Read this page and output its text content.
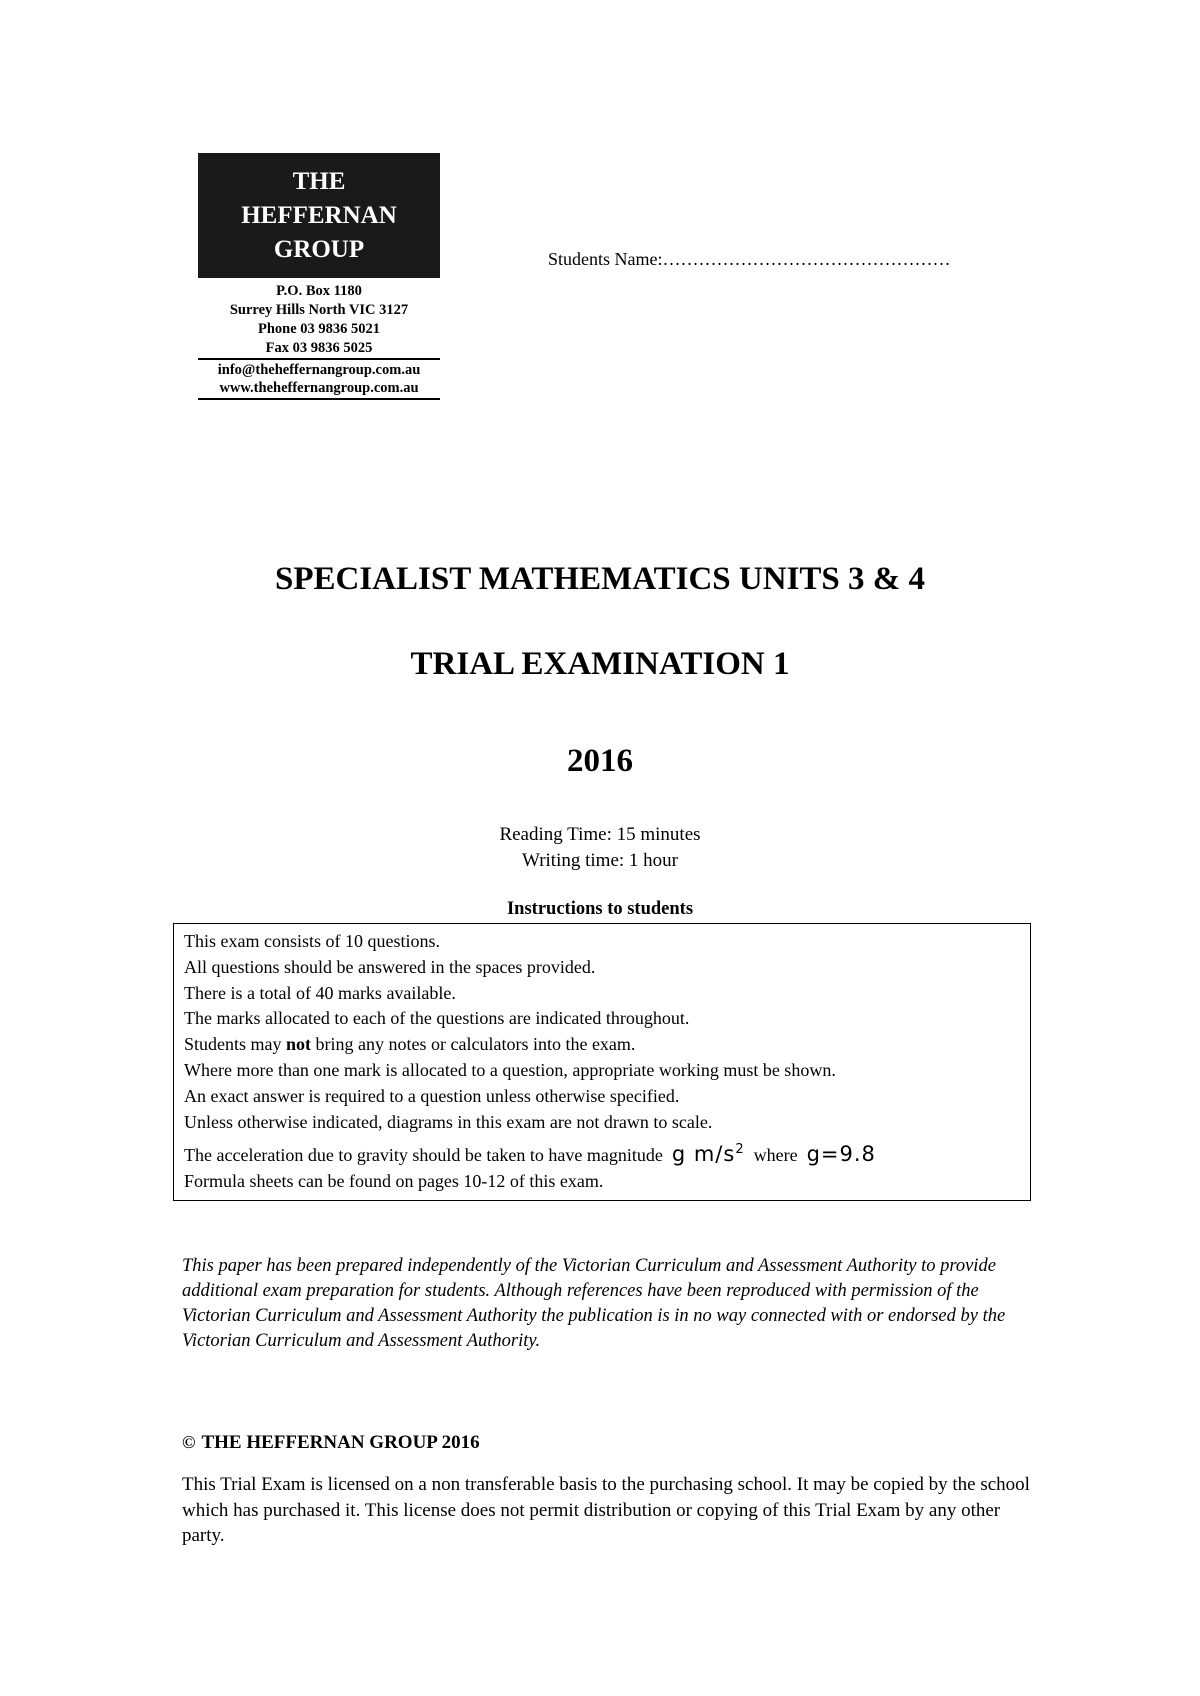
THE
HEFFERNAN
GROUP
P.O. Box 1180
Surrey Hills North VIC 3127
Phone 03 9836 5021
Fax 03 9836 5025
info@theheffernangroup.com.au
www.theheffernangroup.com.au
Students Name:…………………………………………
SPECIALIST MATHEMATICS UNITS 3 & 4
TRIAL EXAMINATION 1
2016
Reading Time: 15 minutes
Writing time: 1 hour
Instructions to students
This exam consists of 10 questions.
All questions should be answered in the spaces provided.
There is a total of 40 marks available.
The marks allocated to each of the questions are indicated throughout.
Students may not bring any notes or calculators into the exam.
Where more than one mark is allocated to a question, appropriate working must be shown.
An exact answer is required to a question unless otherwise specified.
Unless otherwise indicated, diagrams in this exam are not drawn to scale.
The acceleration due to gravity should be taken to have magnitude g $m/s^2$ where g=9.8
Formula sheets can be found on pages 10-12 of this exam.
This paper has been prepared independently of the Victorian Curriculum and Assessment Authority to provide additional exam preparation for students. Although references have been reproduced with permission of the Victorian Curriculum and Assessment Authority the publication is in no way connected with or endorsed by the Victorian Curriculum and Assessment Authority.
© THE HEFFERNAN GROUP 2016
This Trial Exam is licensed on a non transferable basis to the purchasing school. It may be copied by the school which has purchased it. This license does not permit distribution or copying of this Trial Exam by any other party.
